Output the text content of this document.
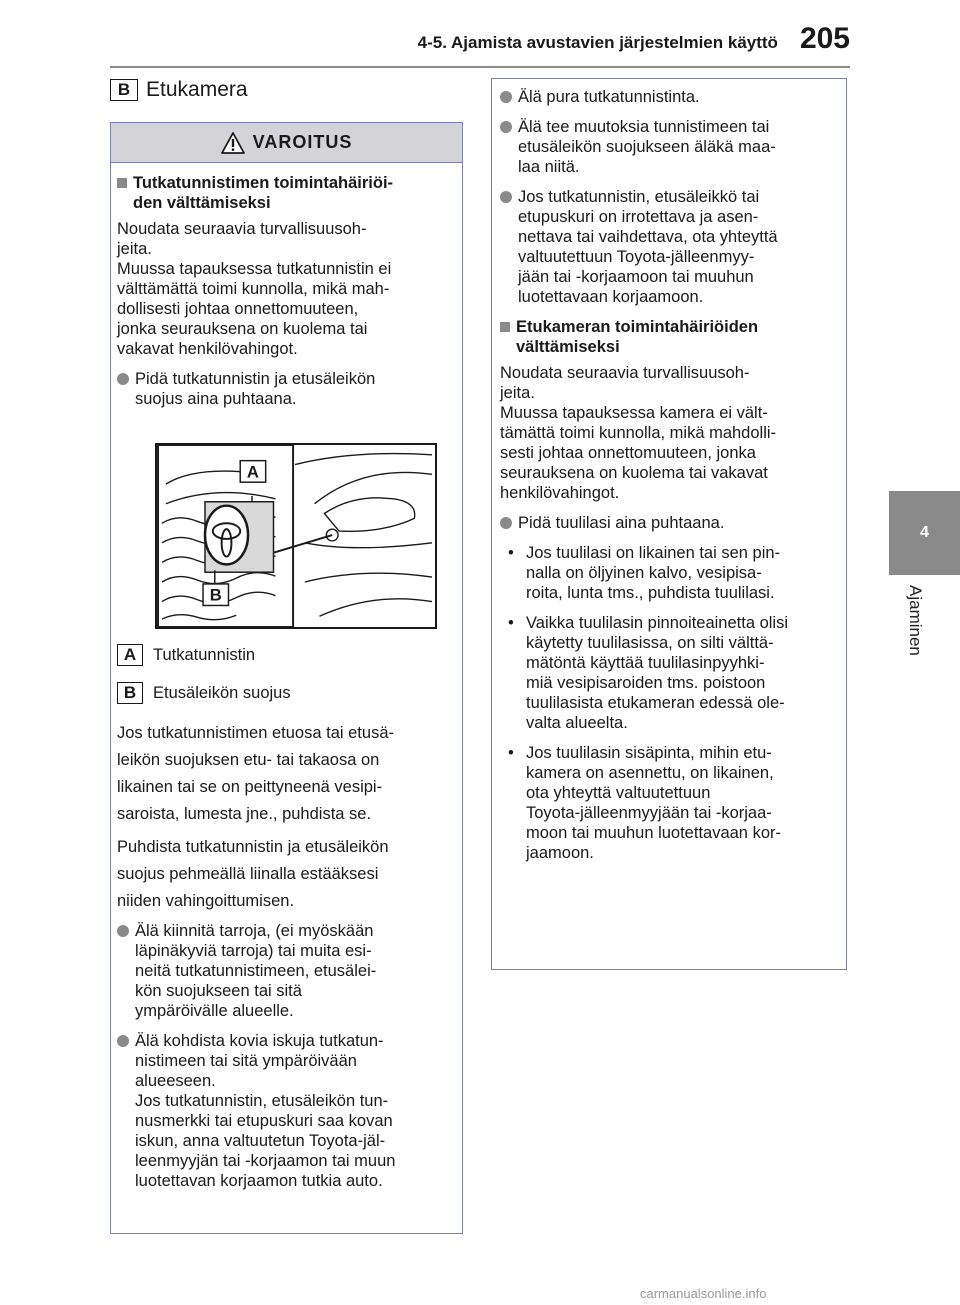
4-5. Ajamista avustavien järjestelmien käyttö 205
4
Ajaminen
B Etukamera
VAROITUS
Tutkatunnistimen toimintahäiriöi-
den välttämiseksi
Noudata seuraavia turvallisuusoh-
jeita.
Muussa tapauksessa tutkatunnistin ei
välttämättä toimi kunnolla, mikä mah-
dollisesti johtaa onnettomuuteen,
jonka seurauksena on kuolema tai
vakavat henkilövahingot.
Pidä tutkatunnistin ja etusäleikön
suojus aina puhtaana.
A
B
A	Tutkatunnistin
B	Etusäleikön suojus
Jos tutkatunnistimen etuosa tai etusä-
leikön suojuksen etu- tai takaosa on
likainen tai se on peittyneenä vesipi-
saroista, lumesta jne., puhdista se.
Puhdista tutkatunnistin ja etusäleikön
suojus pehmeällä liinalla estääksesi
niiden vahingoittumisen.
Älä kiinnitä tarroja, (ei myöskään
läpinäkyviä tarroja) tai muita esi-
neitä tutkatunnistimeen, etusälei-
kön suojukseen tai sitä
ympäröivälle alueelle.
Älä kohdista kovia iskuja tutkatun-
nistimeen tai sitä ympäröivään
alueeseen.
Jos tutkatunnistin, etusäleikön tun-
nusmerkki tai etupuskuri saa kovan
iskun, anna valtuutetun Toyota-jäl-
leenmyyjän tai -korjaamon tai muun
luotettavan korjaamon tutkia auto.
Älä pura tutkatunnistinta.
Älä tee muutoksia tunnistimeen tai
etusäleikön suojukseen äläkä maa-
laa niitä.
Jos tutkatunnistin, etusäleikkö tai
etupuskuri on irrotettava ja asen-
nettava tai vaihdettava, ota yhteyttä
valtuutettuun Toyota-jälleenmyy-
jään tai -korjaamoon tai muuhun
luotettavaan korjaamoon.
Etukameran toimintahäiriöiden
välttämiseksi
Noudata seuraavia turvallisuusoh-
jeita.
Muussa tapauksessa kamera ei vält-
tämättä toimi kunnolla, mikä mahdolli-
sesti johtaa onnettomuuteen, jonka
seurauksena on kuolema tai vakavat
henkilövahingot.
Pidä tuulilasi aina puhtaana.
• Jos tuulilasi on likainen tai sen pin-
nalla on öljyinen kalvo, vesipisa-
roita, lunta tms., puhdista tuulilasi.
• Vaikka tuulilasin pinnoiteainetta olisi
käytetty tuulilasissa, on silti välttä-
mätöntä käyttää tuulilasinpyyhki-
miä vesipisaroiden tms. poistoon
tuulilasista etukameran edessä ole-
valta alueelta.
• Jos tuulilasin sisäpinta, mihin etu-
kamera on asennettu, on likainen,
ota yhteyttä valtuutettuun
Toyota-jälleenmyyjään tai -korjaa-
moon tai muuhun luotettavaan kor-
jaamoon.
carmanualsonline.info
